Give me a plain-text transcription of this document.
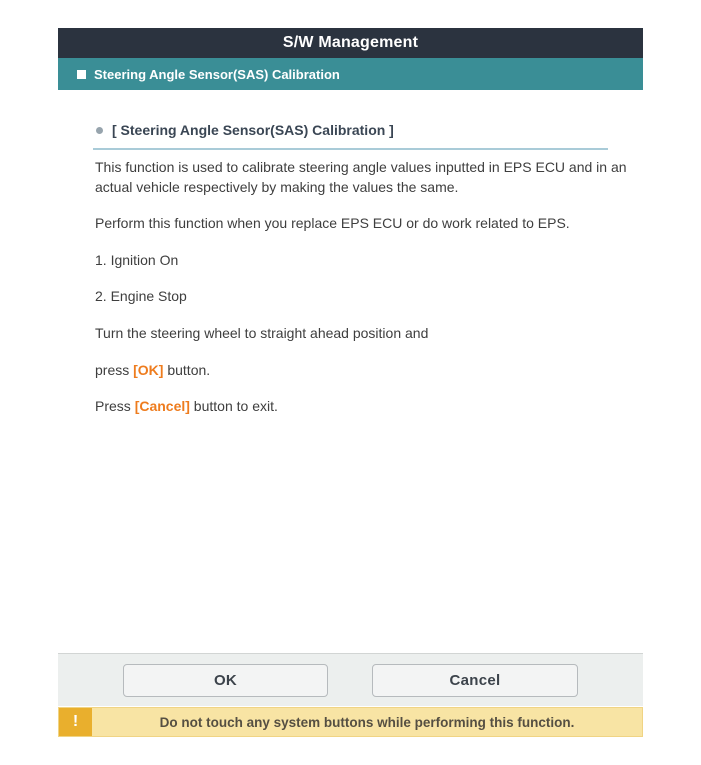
S/W Management
Steering Angle Sensor(SAS) Calibration
[ Steering Angle Sensor(SAS) Calibration ]

This function is used to calibrate steering angle values inputted in EPS ECU and in an actual vehicle respectively by making the values the same.

Perform this function when you replace EPS ECU or do work related to EPS.

1. Ignition On

2. Engine Stop

Turn the steering wheel to straight ahead position and

press [OK] button.

Press [Cancel] button to exit.

OK	Cancel
!	Do not touch any system buttons while performing this function.
